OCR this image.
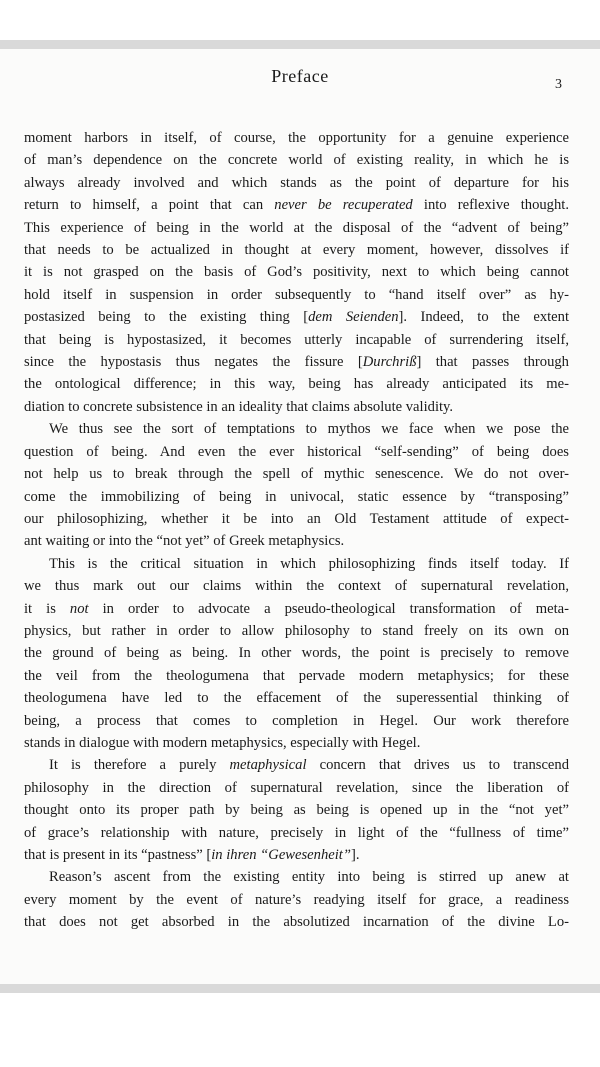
Preface	3
moment harbors in itself, of course, the opportunity for a genuine experience
of man’s dependence on the concrete world of existing reality, in which he is
always already involved and which stands as the point of departure for his
return to himself, a point that can never be recuperated into reflexive thought.
This experience of being in the world at the disposal of the “advent of being”
that needs to be actualized in thought at every moment, however, dissolves if
it is not grasped on the basis of God’s positivity, next to which being cannot
hold itself in suspension in order subsequently to “hand itself over” as hy-
postasized being to the existing thing [dem Seienden]. Indeed, to the extent
that being is hypostasized, it becomes utterly incapable of surrendering itself,
since the hypostasis thus negates the fissure [Durchriß] that passes through
the ontological difference; in this way, being has already anticipated its me-
diation to concrete subsistence in an ideality that claims absolute validity.
We thus see the sort of temptations to mythos we face when we pose the
question of being. And even the ever historical “self-sending” of being does
not help us to break through the spell of mythic senescence. We do not over-
come the immobilizing of being in univocal, static essence by “transposing”
our philosophizing, whether it be into an Old Testament attitude of expect-
ant waiting or into the “not yet” of Greek metaphysics.
This is the critical situation in which philosophizing finds itself today. If
we thus mark out our claims within the context of supernatural revelation,
it is not in order to advocate a pseudo-theological transformation of meta-
physics, but rather in order to allow philosophy to stand freely on its own on
the ground of being as being. In other words, the point is precisely to remove
the veil from the theologumena that pervade modern metaphysics; for these
theologumena have led to the effacement of the superessential thinking of
being, a process that comes to completion in Hegel. Our work therefore
stands in dialogue with modern metaphysics, especially with Hegel.
It is therefore a purely metaphysical concern that drives us to transcend
philosophy in the direction of supernatural revelation, since the liberation of
thought onto its proper path by being as being is opened up in the “not yet”
of grace’s relationship with nature, precisely in light of the “fullness of time”
that is present in its “pastness” [in ihren “Gewesenheit”].
Reason’s ascent from the existing entity into being is stirred up anew at
every moment by the event of nature’s readying itself for grace, a readiness
that does not get absorbed in the absolutized incarnation of the divine Lo-
